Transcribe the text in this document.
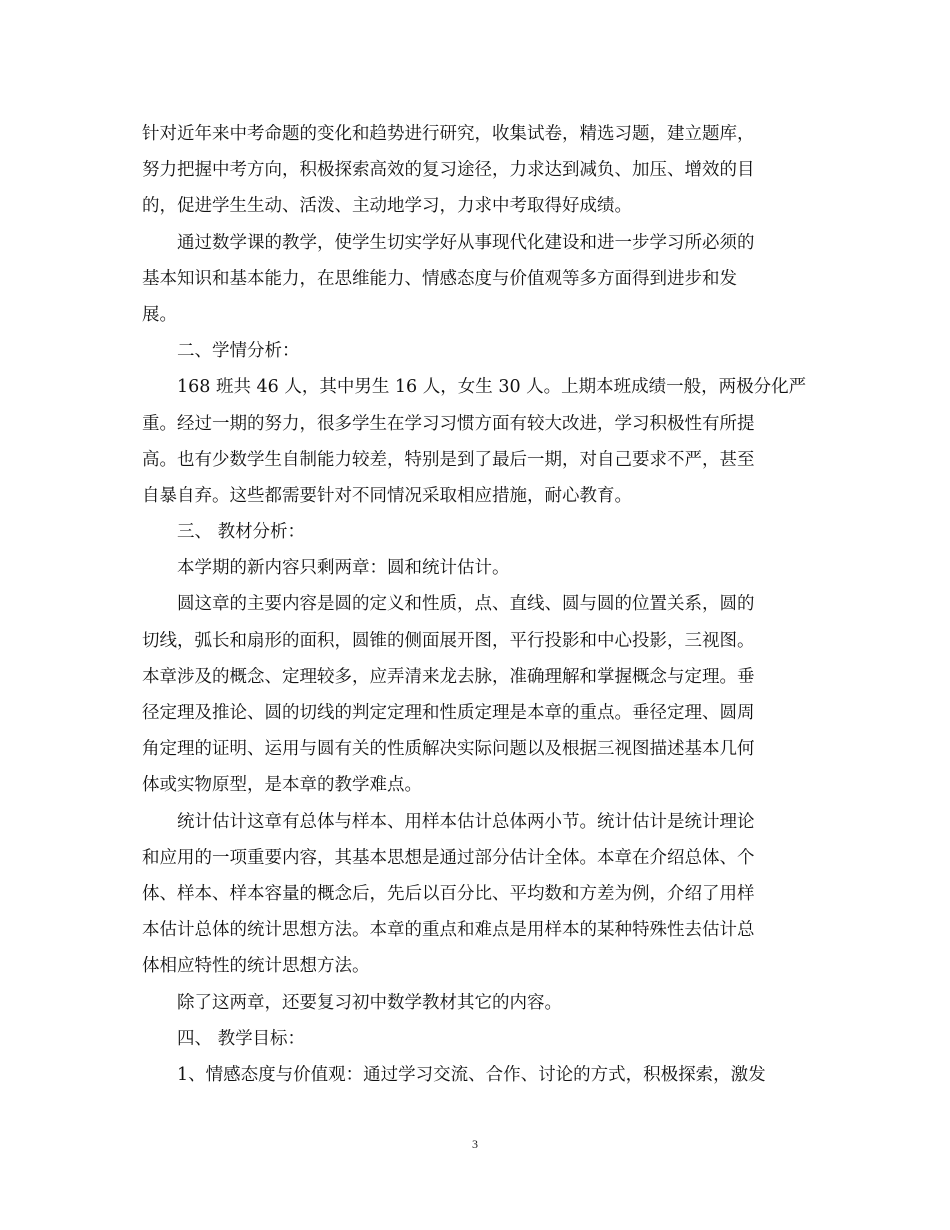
针对近年来中考命题的变化和趋势进行研究，收集试卷，精选习题，建立题库，
努力把握中考方向，积极探索高效的复习途径，力求达到减负、加压、增效的目
的，促进学生生动、活泼、主动地学习，力求中考取得好成绩。
通过数学课的教学，使学生切实学好从事现代化建设和进一步学习所必须的
基本知识和基本能力，在思维能力、情感态度与价值观等多方面得到进步和发
展。
二、学情分析：
168 班共 46 人，其中男生 16 人，女生 30 人。上期本班成绩一般，两极分化严
重。经过一期的努力，很多学生在学习习惯方面有较大改进，学习积极性有所提
高。也有少数学生自制能力较差，特别是到了最后一期，对自己要求不严，甚至
自暴自弃。这些都需要针对不同情况采取相应措施，耐心教育。
三、 教材分析：
本学期的新内容只剩两章：圆和统计估计。
圆这章的主要内容是圆的定义和性质，点、直线、圆与圆的位置关系，圆的
切线，弧长和扇形的面积，圆锥的侧面展开图，平行投影和中心投影，三视图。
本章涉及的概念、定理较多，应弄清来龙去脉，准确理解和掌握概念与定理。垂
径定理及推论、圆的切线的判定定理和性质定理是本章的重点。垂径定理、圆周
角定理的证明、运用与圆有关的性质解决实际问题以及根据三视图描述基本几何
体或实物原型，是本章的教学难点。
统计估计这章有总体与样本、用样本估计总体两小节。统计估计是统计理论
和应用的一项重要内容，其基本思想是通过部分估计全体。本章在介绍总体、个
体、样本、样本容量的概念后，先后以百分比、平均数和方差为例，介绍了用样
本估计总体的统计思想方法。本章的重点和难点是用样本的某种特殊性去估计总
体相应特性的统计思想方法。
除了这两章，还要复习初中数学教材其它的内容。
四、 教学目标：
1、情感态度与价值观：通过学习交流、合作、讨论的方式，积极探索，激发
3
